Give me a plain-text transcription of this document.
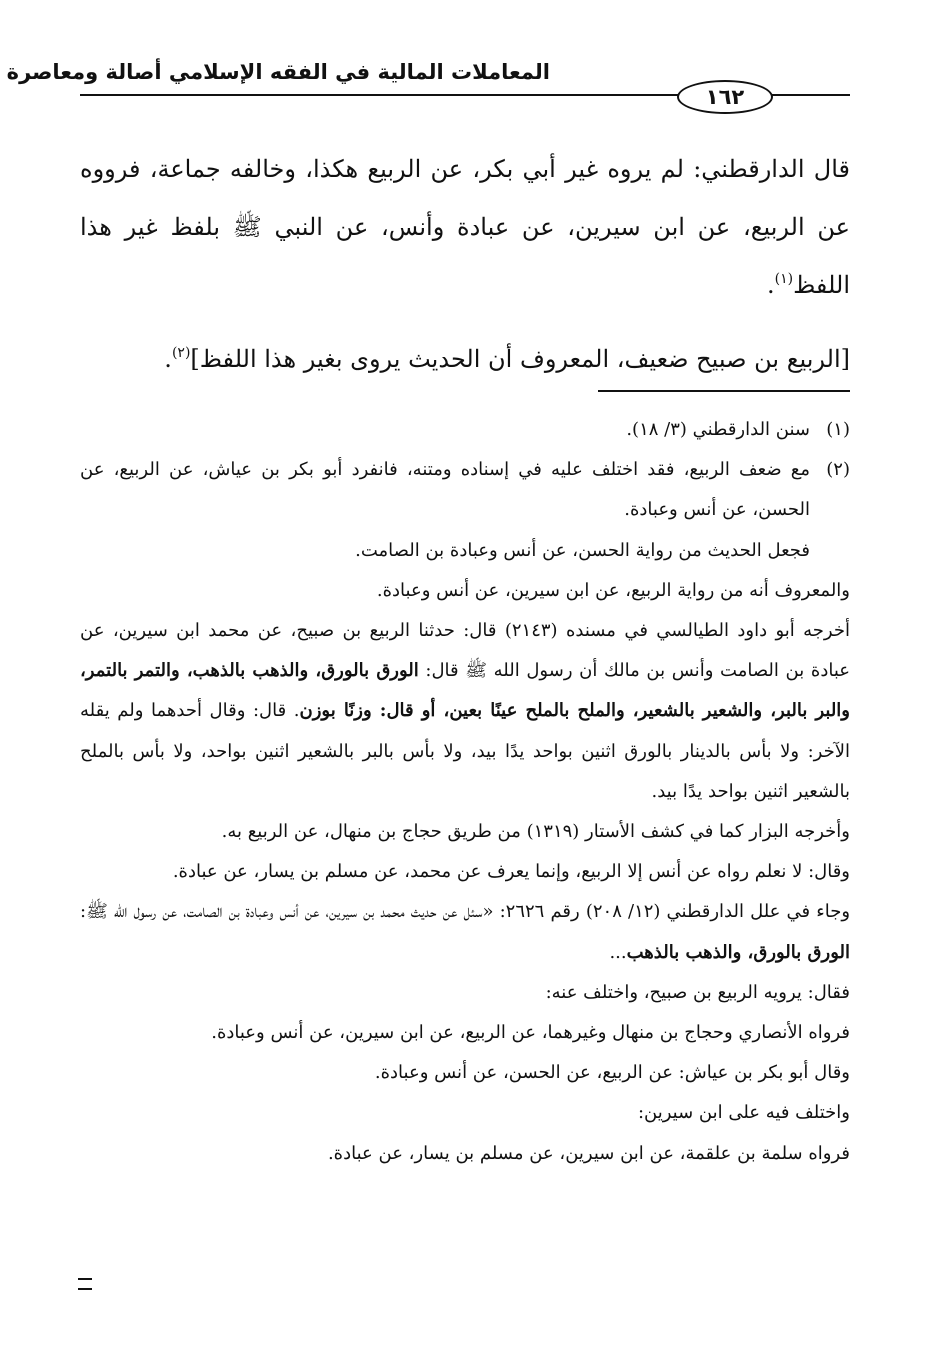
المعاملات المالية في الفقه الإسلامي أصالة ومعاصرة
١٦٢

قال الدارقطني: لم يروه غير أبي بكر، عن الربيع هكذا، وخالفه جماعة، فرووه عن الربيع، عن ابن سيرين، عن عبادة وأنس، عن النبي ﷺ بلفظ غير هذا اللفظ$^{(١)}$.

[الربيع بن صبيح ضعيف، المعروف أن الحديث يروى بغير هذا اللفظ]$^{(٢)}$.

(١)
سنن الدارقطني (٣/ ١٨).
(٢)
مع ضعف الربيع، فقد اختلف عليه في إسناده ومتنه، فانفرد أبو بكر بن عياش، عن الربيع، عن الحسن، عن أنس وعبادة.

فجعل الحديث من رواية الحسن، عن أنس وعبادة بن الصامت.

والمعروف أنه من رواية الربيع، عن ابن سيرين، عن أنس وعبادة.

أخرجه أبو داود الطيالسي في مسنده (٢١٤٣) قال: حدثنا الربيع بن صبيح، عن محمد ابن سيرين، عن عبادة بن الصامت وأنس بن مالك أن رسول الله ﷺ قال: الورق بالورق، والذهب بالذهب، والتمر بالتمر، والبر بالبر، والشعير بالشعير، والملح بالملح عينًا بعين، أو قال: وزنًا بوزن. قال: وقال أحدهما ولم يقله الآخر: ولا بأس بالدينار بالورق اثنين بواحد يدًا بيد، ولا بأس بالبر بالشعير اثنين بواحد، ولا بأس بالملح بالشعير اثنين بواحد يدًا بيد.

وأخرجه البزار كما في كشف الأستار (١٣١٩) من طريق حجاج بن منهال، عن الربيع به.

وقال: لا نعلم رواه عن أنس إلا الربيع، وإنما يعرف عن محمد، عن مسلم بن يسار، عن عبادة.

وجاء في علل الدارقطني (١٢/ ٢٠٨) رقم ٢٦٢٦: «سئل عن حديث محمد بن سيرين، عن أنس وعبادة بن الصامت، عن رسول الله ﷺ: الورق بالورق، والذهب بالذهب...

فقال: يرويه الربيع بن صبيح، واختلف عنه:

فرواه الأنصاري وحجاج بن منهال وغيرهما، عن الربيع، عن ابن سيرين، عن أنس وعبادة.

وقال أبو بكر بن عياش: عن الربيع، عن الحسن، عن أنس وعبادة.

واختلف فيه على ابن سيرين:

فرواه سلمة بن علقمة، عن ابن سيرين، عن مسلم بن يسار، عن عبادة.
